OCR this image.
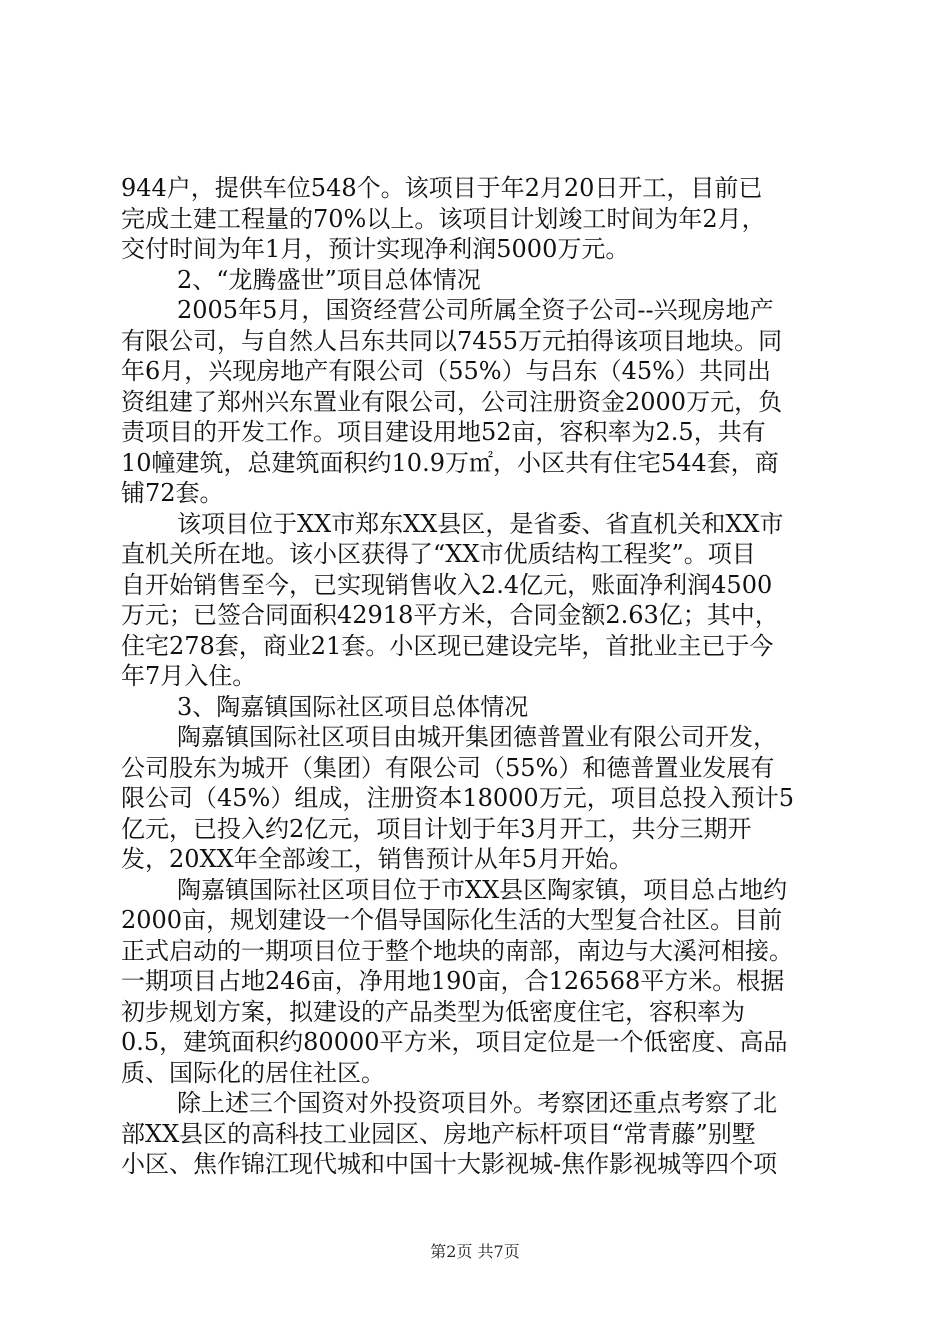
944户，提供车位548个。该项目于年2月20日开工，目前已
完成土建工程量的70%以上。该项目计划竣工时间为年2月，
交付时间为年1月，预计实现净利润5000万元。
2、“龙腾盛世”项目总体情况
2005年5月，国资经营公司所属全资子公司--兴现房地产
有限公司，与自然人吕东共同以7455万元拍得该项目地块。同
年6月，兴现房地产有限公司（55%）与吕东（45%）共同出
资组建了郑州兴东置业有限公司，公司注册资金2000万元，负
责项目的开发工作。项目建设用地52亩，容积率为2.5，共有
10幢建筑，总建筑面积约10.9万㎡，小区共有住宅544套，商
铺72套。
该项目位于XX市郑东XX县区，是省委、省直机关和XX市
直机关所在地。该小区获得了“XX市优质结构工程奖”。项目
自开始销售至今，已实现销售收入2.4亿元，账面净利润4500
万元；已签合同面积42918平方米，合同金额2.63亿；其中，
住宅278套，商业21套。小区现已建设完毕，首批业主已于今
年7月入住。
3、陶嘉镇国际社区项目总体情况
陶嘉镇国际社区项目由城开集团德普置业有限公司开发，
公司股东为城开（集团）有限公司（55%）和德普置业发展有
限公司（45%）组成，注册资本18000万元，项目总投入预计5
亿元，已投入约2亿元，项目计划于年3月开工，共分三期开
发，20XX年全部竣工，销售预计从年5月开始。
陶嘉镇国际社区项目位于市XX县区陶家镇，项目总占地约
2000亩，规划建设一个倡导国际化生活的大型复合社区。目前
正式启动的一期项目位于整个地块的南部，南边与大溪河相接。
一期项目占地246亩，净用地190亩，合126568平方米。根据
初步规划方案，拟建设的产品类型为低密度住宅，容积率为
0.5，建筑面积约80000平方米，项目定位是一个低密度、高品
质、国际化的居住社区。
除上述三个国资对外投资项目外。考察团还重点考察了北
部XX县区的高科技工业园区、房地产标杆项目“常青藤”别墅
小区、焦作锦江现代城和中国十大影视城-焦作影视城等四个项
第2页 共7页
